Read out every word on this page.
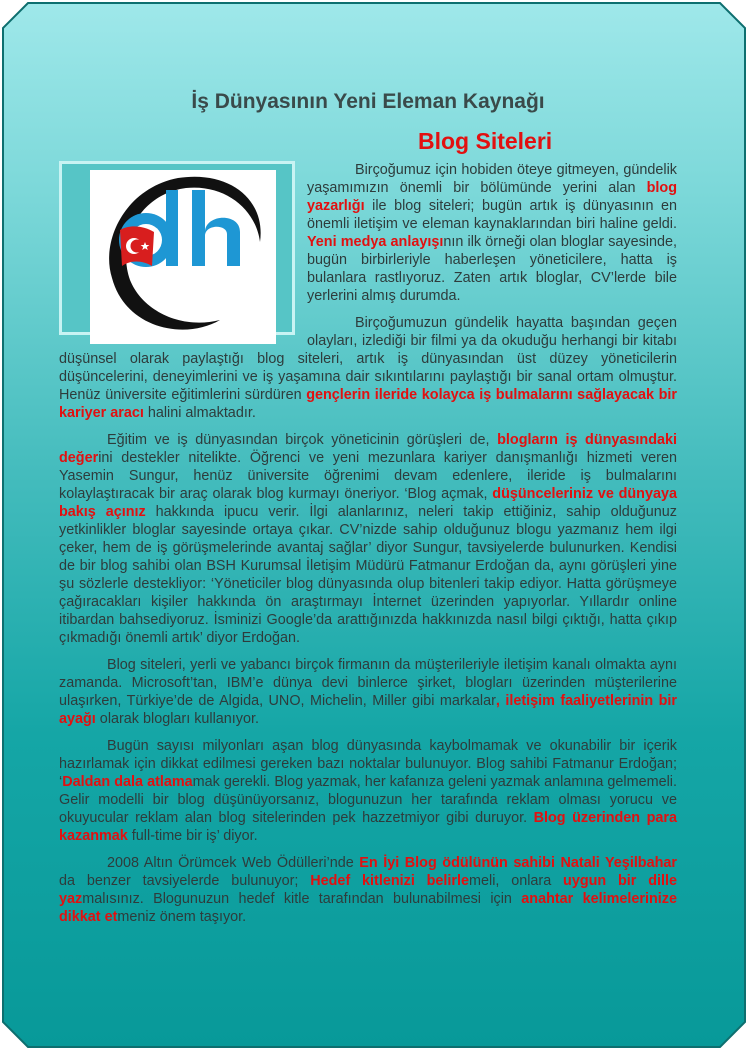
İş Dünyasının Yeni Eleman Kaynağı
Blog Siteleri

Birçoğumuz için hobiden öteye gitmeyen, gündelik yaşamımızın önemli bir bölümünde yerini alan blog yazarlığı ile blog siteleri; bugün artık iş dünyasının en önemli iletişim ve eleman kaynaklarından biri haline geldi. Yeni medya anlayışının ilk örneği olan bloglar sayesinde, bugün birbirleriyle haberleşen yöneticilere, hatta iş bulanlara rastlıyoruz. Zaten artık bloglar, CV’lerde bile yerlerini almış durumda.

Birçoğumuzun gündelik hayatta başından geçen olayları, izlediği bir filmi ya da okuduğu herhangi bir kitabı düşünsel olarak paylaştığı blog siteleri, artık iş dünyasından üst düzey yöneticilerin düşüncelerini, deneyimlerini ve iş yaşamına dair sıkıntılarını paylaştığı bir sanal ortam olmuştur. Henüz üniversite eğitimlerini sürdüren gençlerin ileride kolayca iş bulmalarını sağlayacak bir kariyer aracı halini almaktadır.

Eğitim ve iş dünyasından birçok yöneticinin görüşleri de, blogların iş dünyasındaki değerini destekler nitelikte. Öğrenci ve yeni mezunlara kariyer danışmanlığı hizmeti veren Yasemin Sungur, henüz üniversite öğrenimi devam edenlere, ileride iş bulmalarını kolaylaştıracak bir araç olarak blog kurmayı öneriyor. ‘Blog açmak, düşünceleriniz ve dünyaya bakış açınız hakkında ipucu verir. İlgi alanlarınız, neleri takip ettiğiniz, sahip olduğunuz yetkinlikler bloglar sayesinde ortaya çıkar. CV’nizde sahip olduğunuz blogu yazmanız hem ilgi çeker, hem de iş görüşmelerinde avantaj sağlar’ diyor Sungur, tavsiyelerde bulunurken. Kendisi de bir blog sahibi olan BSH Kurumsal İletişim Müdürü Fatmanur Erdoğan da, aynı görüşleri yine şu sözlerle destekliyor: ‘Yöneticiler blog dünyasında olup bitenleri takip ediyor. Hatta görüşmeye çağıracakları kişiler hakkında ön araştırmayı İnternet üzerinden yapıyorlar. Yıllardır online itibardan bahsediyoruz. İsminizi Google’da arattığınızda hakkınızda nasıl bilgi çıktığı, hatta çıkıp çıkmadığı önemli artık’ diyor Erdoğan.

Blog siteleri, yerli ve yabancı birçok firmanın da müşterileriyle iletişim kanalı olmakta aynı zamanda. Microsoft’tan, IBM’e dünya devi binlerce şirket, blogları üzerinden müşterilerine ulaşırken, Türkiye’de de Algida, UNO, Michelin, Miller gibi markalar, iletişim faaliyetlerinin bir ayağı olarak blogları kullanıyor.

Bugün sayısı milyonları aşan blog dünyasında kaybolmamak ve okunabilir bir içerik hazırlamak için dikkat edilmesi gereken bazı noktalar bulunuyor. Blog sahibi Fatmanur Erdoğan; ‘Daldan dala atlamamak gerekli. Blog yazmak, her kafanıza geleni yazmak anlamına gelmemeli. Gelir modelli bir blog düşünüyorsanız, blogunuzun her tarafında reklam olması yorucu ve okuyucular reklam alan blog sitelerinden pek hazzetmiyor gibi duruyor. Blog üzerinden para kazanmak full-time bir iş’ diyor.

2008 Altın Örümcek Web Ödülleri’nde En İyi Blog ödülünün sahibi Natali Yeşilbahar da benzer tavsiyelerde bulunuyor; Hedef kitlenizi belirlemeli, onlara uygun bir dille yazmalısınız. Blogunuzun hedef kitle tarafından bulunabilmesi için anahtar kelimelerinize dikkat etmeniz önem taşıyor.
